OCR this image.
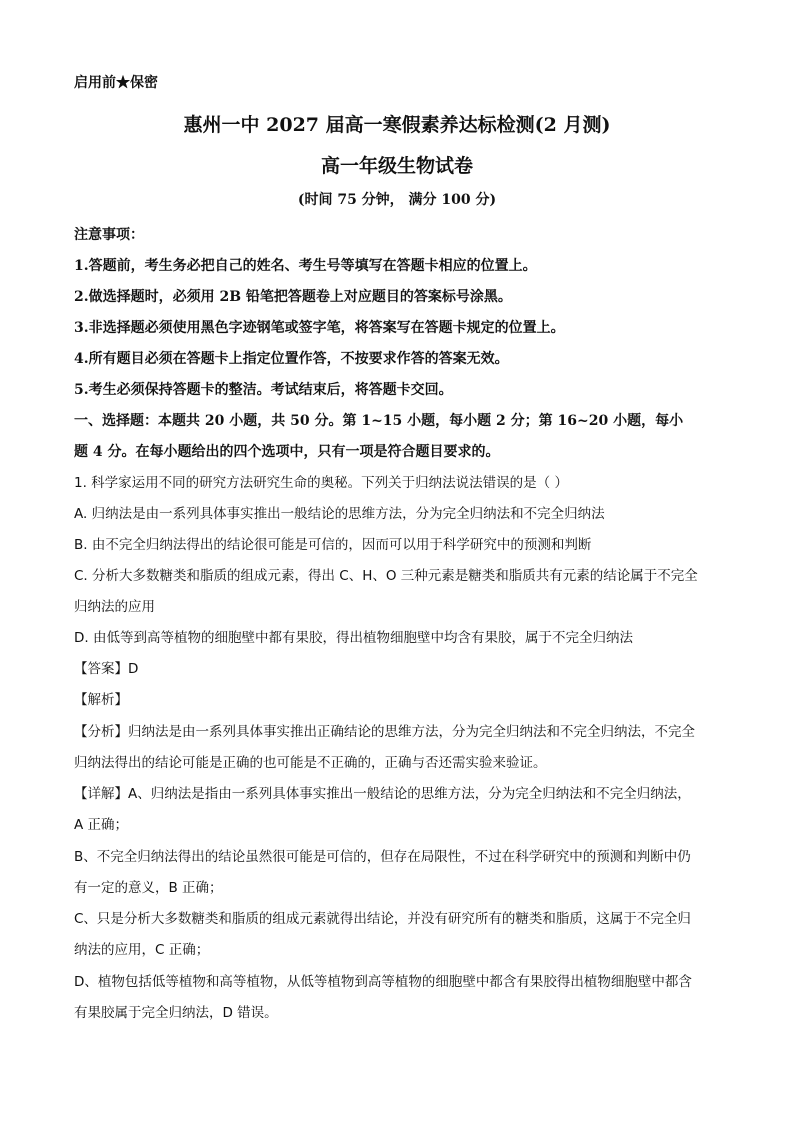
启用前★保密
惠州一中 2027 届高一寒假素养达标检测(2 月测)
高一年级生物试卷
(时间 75 分钟， 满分 100 分)
注意事项：
1.答题前，考生务必把自己的姓名、考生号等填写在答题卡相应的位置上。
2.做选择题时，必须用 2B 铅笔把答题卷上对应题目的答案标号涂黑。
3.非选择题必须使用黑色字迹钢笔或签字笔，将答案写在答题卡规定的位置上。
4.所有题目必须在答题卡上指定位置作答，不按要求作答的答案无效。
5.考生必须保持答题卡的整洁。考试结束后，将答题卡交回。
一、选择题：本题共 20 小题，共 50 分。第 1~15 小题，每小题 2 分；第 16~20 小题，每小
题 4 分。在每小题给出的四个选项中，只有一项是符合题目要求的。
1. 科学家运用不同的研究方法研究生命的奥秘。下列关于归纳法说法错误的是（ ）
A. 归纳法是由一系列具体事实推出一般结论的思维方法，分为完全归纳法和不完全归纳法
B. 由不完全归纳法得出的结论很可能是可信的，因而可以用于科学研究中的预测和判断
C. 分析大多数糖类和脂质的组成元素，得出 C、H、O 三种元素是糖类和脂质共有元素的结论属于不完全
归纳法的应用
D. 由低等到高等植物的细胞壁中都有果胶，得出植物细胞壁中均含有果胶，属于不完全归纳法
【答案】D
【解析】
【分析】归纳法是由一系列具体事实推出正确结论的思维方法，分为完全归纳法和不完全归纳法，不完全
归纳法得出的结论可能是正确的也可能是不正确的，正确与否还需实验来验证。
【详解】A、归纳法是指由一系列具体事实推出一般结论的思维方法，分为完全归纳法和不完全归纳法，
A 正确；
B、不完全归纳法得出的结论虽然很可能是可信的，但存在局限性，不过在科学研究中的预测和判断中仍
有一定的意义，B 正确；
C、只是分析大多数糖类和脂质的组成元素就得出结论，并没有研究所有的糖类和脂质，这属于不完全归
纳法的应用，C 正确；
D、植物包括低等植物和高等植物，从低等植物到高等植物的细胞壁中都含有果胶得出植物细胞壁中都含
有果胶属于完全归纳法，D 错误。
